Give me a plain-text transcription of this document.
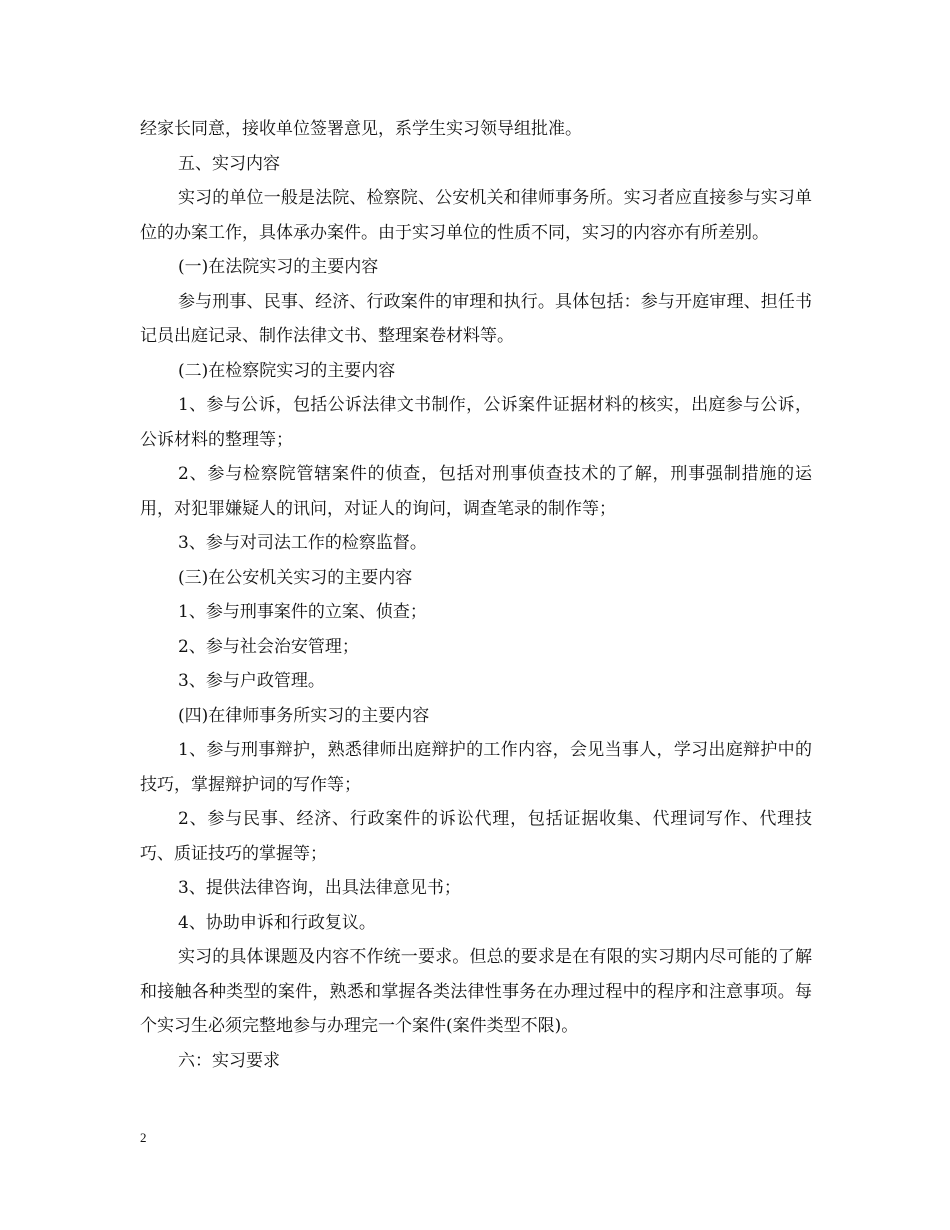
经家长同意，接收单位签署意见，系学生实习领导组批准。

五、实习内容

实习的单位一般是法院、检察院、公安机关和律师事务所。实习者应直接参与实习单位的办案工作，具体承办案件。由于实习单位的性质不同，实习的内容亦有所差别。

(一)在法院实习的主要内容

参与刑事、民事、经济、行政案件的审理和执行。具体包括：参与开庭审理、担任书记员出庭记录、制作法律文书、整理案卷材料等。

(二)在检察院实习的主要内容

1、参与公诉，包括公诉法律文书制作，公诉案件证据材料的核实，出庭参与公诉，公诉材料的整理等；

2、参与检察院管辖案件的侦查，包括对刑事侦查技术的了解，刑事强制措施的运用，对犯罪嫌疑人的讯问，对证人的询问，调查笔录的制作等；

3、参与对司法工作的检察监督。

(三)在公安机关实习的主要内容

1、参与刑事案件的立案、侦查；

2、参与社会治安管理；

3、参与户政管理。

(四)在律师事务所实习的主要内容

1、参与刑事辩护，熟悉律师出庭辩护的工作内容，会见当事人，学习出庭辩护中的技巧，掌握辩护词的写作等；

2、参与民事、经济、行政案件的诉讼代理，包括证据收集、代理词写作、代理技巧、质证技巧的掌握等；

3、提供法律咨询，出具法律意见书；

4、协助申诉和行政复议。

实习的具体课题及内容不作统一要求。但总的要求是在有限的实习期内尽可能的了解和接触各种类型的案件，熟悉和掌握各类法律性事务在办理过程中的程序和注意事项。每个实习生必须完整地参与办理完一个案件(案件类型不限)。

六：实习要求

2
